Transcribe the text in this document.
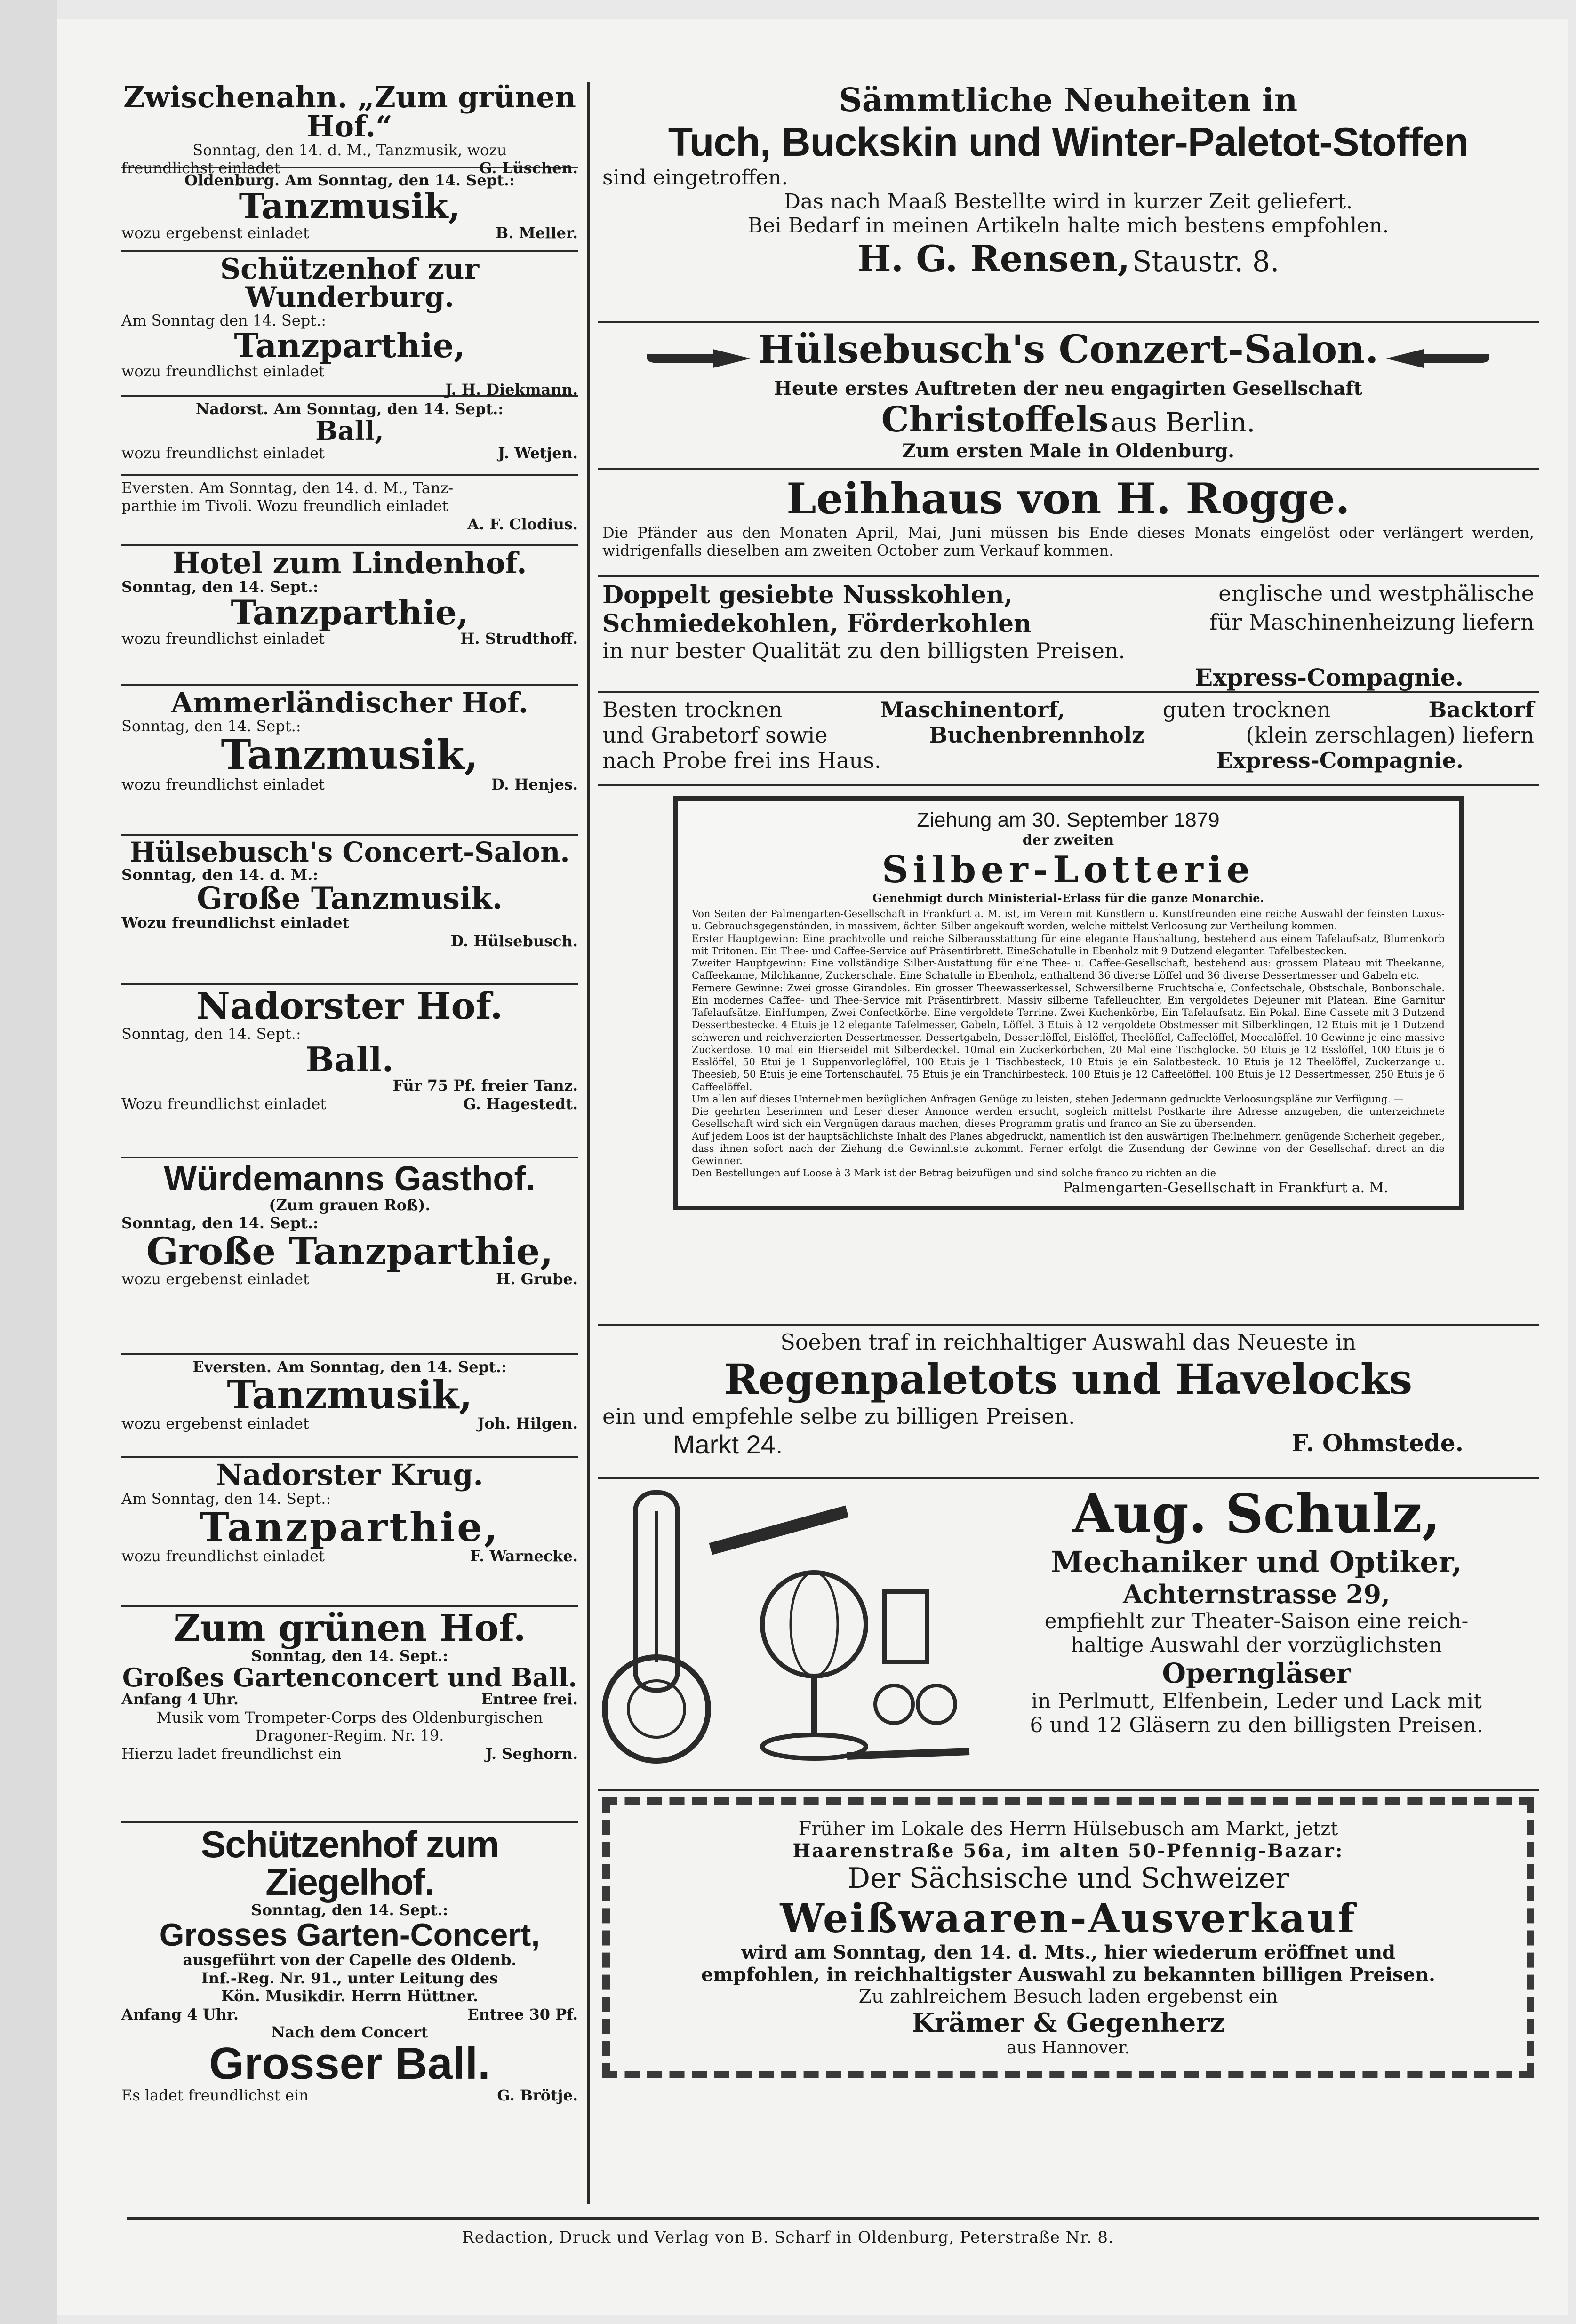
Zwischenahn. „Zum grünen Hof.“
Sonntag, den 14. d. M., Tanzmusik, wozu
freundlichst einladet	G. Lüschen.
Oldenburg. Am Sonntag, den 14. Sept.:
Tanzmusik,
wozu ergebenst einladet	B. Meller.
Schützenhof zur Wunderburg.
Am Sonntag den 14. Sept.:
Tanzparthie,
wozu freundlichst einladet
J. H. Diekmann.
Nadorst. Am Sonntag, den 14. Sept.:
Ball,
wozu freundlichst einladet	J. Wetjen.
Eversten. Am Sonntag, den 14. d. M., Tanz-
parthie im Tivoli. Wozu freundlich einladet
A. F. Clodius.
Hotel zum Lindenhof.
Sonntag, den 14. Sept.:
Tanzparthie,
wozu freundlichst einladet	H. Strudthoff.
Ammerländischer Hof.
Sonntag, den 14. Sept.:
Tanzmusik,
wozu freundlichst einladet	D. Henjes.
Hülsebusch's Concert-Salon.
Sonntag, den 14. d. M.:
Große Tanzmusik.
Wozu freundlichst einladet
D. Hülsebusch.
Nadorster Hof.
Sonntag, den 14. Sept.:
Ball.
Für 75 Pf. freier Tanz.
Wozu freundlichst einladet	G. Hagestedt.
Würdemanns Gasthof.
(Zum grauen Roß).
Sonntag, den 14. Sept.:
Große Tanzparthie,
wozu ergebenst einladet	H. Grube.
Eversten. Am Sonntag, den 14. Sept.:
Tanzmusik,
wozu ergebenst einladet	Joh. Hilgen.
Nadorster Krug.
Am Sonntag, den 14. Sept.:
Tanzparthie,
wozu freundlichst einladet	F. Warnecke.
Zum grünen Hof.
Sonntag, den 14. Sept.:
Großes Gartenconcert und Ball.
Anfang 4 Uhr.	Entree frei.
Musik vom Trompeter-Corps des Oldenburgischen
Dragoner-Regim. Nr. 19.
Hierzu ladet freundlichst ein	J. Seghorn.
Schützenhof zum Ziegelhof.
Sonntag, den 14. Sept.:
Grosses Garten-Concert,
ausgeführt von der Capelle des Oldenb.
Inf.-Reg. Nr. 91., unter Leitung des
Kön. Musikdir. Herrn Hüttner.
Anfang 4 Uhr.	Entree 30 Pf.
Nach dem Concert
Grosser Ball.
Es ladet freundlichst ein	G. Brötje.
Sämmtliche Neuheiten in
Tuch, Buckskin und Winter-Paletot-Stoffen
sind eingetroffen.
Das nach Maaß Bestellte wird in kurzer Zeit geliefert.
Bei Bedarf in meinen Artikeln halte mich bestens empfohlen.
H. G. Rensen, Staustr. 8.
Hülsebusch's Conzert-Salon.
Heute erstes Auftreten der neu engagirten Gesellschaft
Christoffels aus Berlin.
Zum ersten Male in Oldenburg.
Leihhaus von H. Rogge.
Die Pfänder aus den Monaten April, Mai, Juni müssen bis Ende dieses Monats eingelöst oder verlängert werden, widrigenfalls dieselben am zweiten October zum Verkauf kommen.
Doppelt gesiebte Nusskohlen,	englische und westphälische
Schmiedekohlen, Förderkohlen	für Maschinenheizung liefern
in nur bester Qualität zu den billigsten Preisen.
Express-Compagnie.
Besten trocknen	Maschinentorf,	guten trocknen	Backtorf
und Grabetorf sowie	Buchenbrennholz	(klein zerschlagen) liefern
nach Probe frei ins Haus.	Express-Compagnie.
Ziehung am 30. September 1879
der zweiten
Silber-Lotterie
Genehmigt durch Ministerial-Erlass für die ganze Monarchie.

Von Seiten der Palmengarten-Gesellschaft in Frankfurt a. M. ist, im Verein mit Künstlern u. Kunstfreunden eine reiche Auswahl der feinsten Luxus- u. Gebrauchsgegenständen, in massivem, ächten Silber angekauft worden, welche mittelst Verloosung zur Vertheilung kommen.

Erster Hauptgewinn: Eine prachtvolle und reiche Silberausstattung für eine elegante Haushaltung, bestehend aus einem Tafelaufsatz, Blumenkorb mit Tritonen. Ein Thee- und Caffee-Service auf Präsentirbrett. EineSchatulle in Ebenholz mit 9 Dutzend eleganten Tafelbestecken.

Zweiter Hauptgewinn: Eine vollständige Silber-Austattung für eine Thee- u. Caffee-Gesellschaft, bestehend aus: grossem Plateau mit Theekanne, Caffeekanne, Milchkanne, Zuckerschale. Eine Schatulle in Ebenholz, enthaltend 36 diverse Löffel und 36 diverse Dessertmesser und Gabeln etc.

Fernere Gewinne: Zwei grosse Girandoles. Ein grosser Theewasserkessel, Schwersilberne Fruchtschale, Confectschale, Obstschale, Bonbonschale. Ein modernes Caffee- und Thee-Service mit Präsentirbrett. Massiv silberne Tafelleuchter, Ein vergoldetes Dejeuner mit Platean. Eine Garnitur Tafelaufsätze. EinHumpen, Zwei Confectkörbe. Eine vergoldete Terrine. Zwei Kuchenkörbe, Ein Tafelaufsatz. Ein Pokal. Eine Cassete mit 3 Dutzend Dessertbestecke. 4 Etuis je 12 elegante Tafelmesser, Gabeln, Löffel. 3 Etuis à 12 vergoldete Obstmesser mit Silberklingen, 12 Etuis mit je 1 Dutzend schweren und reichverzierten Dessertmesser, Dessertgabeln, Dessertlöffel, Eislöffel, Theelöffel, Caffeelöffel, Moccalöffel. 10 Gewinne je eine massive Zuckerdose. 10 mal ein Bierseidel mit Silberdeckel. 10mal ein Zuckerkörbchen, 20 Mal eine Tischglocke. 50 Etuis je 12 Esslöffel, 100 Etuis je 6 Esslöffel, 50 Etui je 1 Suppenvorleglöffel, 100 Etuis je 1 Tischbesteck, 10 Etuis je ein Salatbesteck. 10 Etuis je 12 Theelöffel, Zuckerzange u. Theesieb, 50 Etuis je eine Tortenschaufel, 75 Etuis je ein Tranchirbesteck. 100 Etuis je 12 Caffeelöffel. 100 Etuis je 12 Dessertmesser, 250 Etuis je 6 Caffeelöffel.

Um allen auf dieses Unternehmen bezüglichen Anfragen Genüge zu leisten, stehen Jedermann gedruckte Verloosungspläne zur Verfügung. —

Die geehrten Leserinnen und Leser dieser Annonce werden ersucht, sogleich mittelst Postkarte ihre Adresse anzugeben, die unterzeichnete Gesellschaft wird sich ein Vergnügen daraus machen, dieses Programm gratis und franco an Sie zu übersenden.

Auf jedem Loos ist der hauptsächlichste Inhalt des Planes abgedruckt, namentlich ist den auswärtigen Theilnehmern genügende Sicherheit gegeben, dass ihnen sofort nach der Ziehung die Gewinnliste zukommt. Ferner erfolgt die Zusendung der Gewinne von der Gesellschaft direct an die Gewinner.

Den Bestellungen auf Loose à 3 Mark ist der Betrag beizufügen und sind solche franco zu richten an die

Palmengarten-Gesellschaft in Frankfurt a. M.
Soeben traf in reichhaltiger Auswahl das Neueste in
Regenpaletots und Havelocks
ein und empfehle selbe zu billigen Preisen.
Markt 24.	F. Ohmstede.
Aug. Schulz,
Mechaniker und Optiker,
Achternstrasse 29,
empfiehlt zur Theater-Saison eine reich-
haltige Auswahl der vorzüglichsten
Operngläser
in Perlmutt, Elfenbein, Leder und Lack mit
6 und 12 Gläsern zu den billigsten Preisen.
Früher im Lokale des Herrn Hülsebusch am Markt, jetzt
Haarenstraße 56a, im alten 50-Pfennig-Bazar:
Der Sächsische und Schweizer
Weißwaaren-Ausverkauf
wird am Sonntag, den 14. d. Mts., hier wiederum eröffnet und
empfohlen, in reichhaltigster Auswahl zu bekannten billigen Preisen.
Zu zahlreichem Besuch laden ergebenst ein
Krämer & Gegenherz
aus Hannover.
Redaction, Druck und Verlag von B. Scharf in Oldenburg, Peterstraße Nr. 8.
